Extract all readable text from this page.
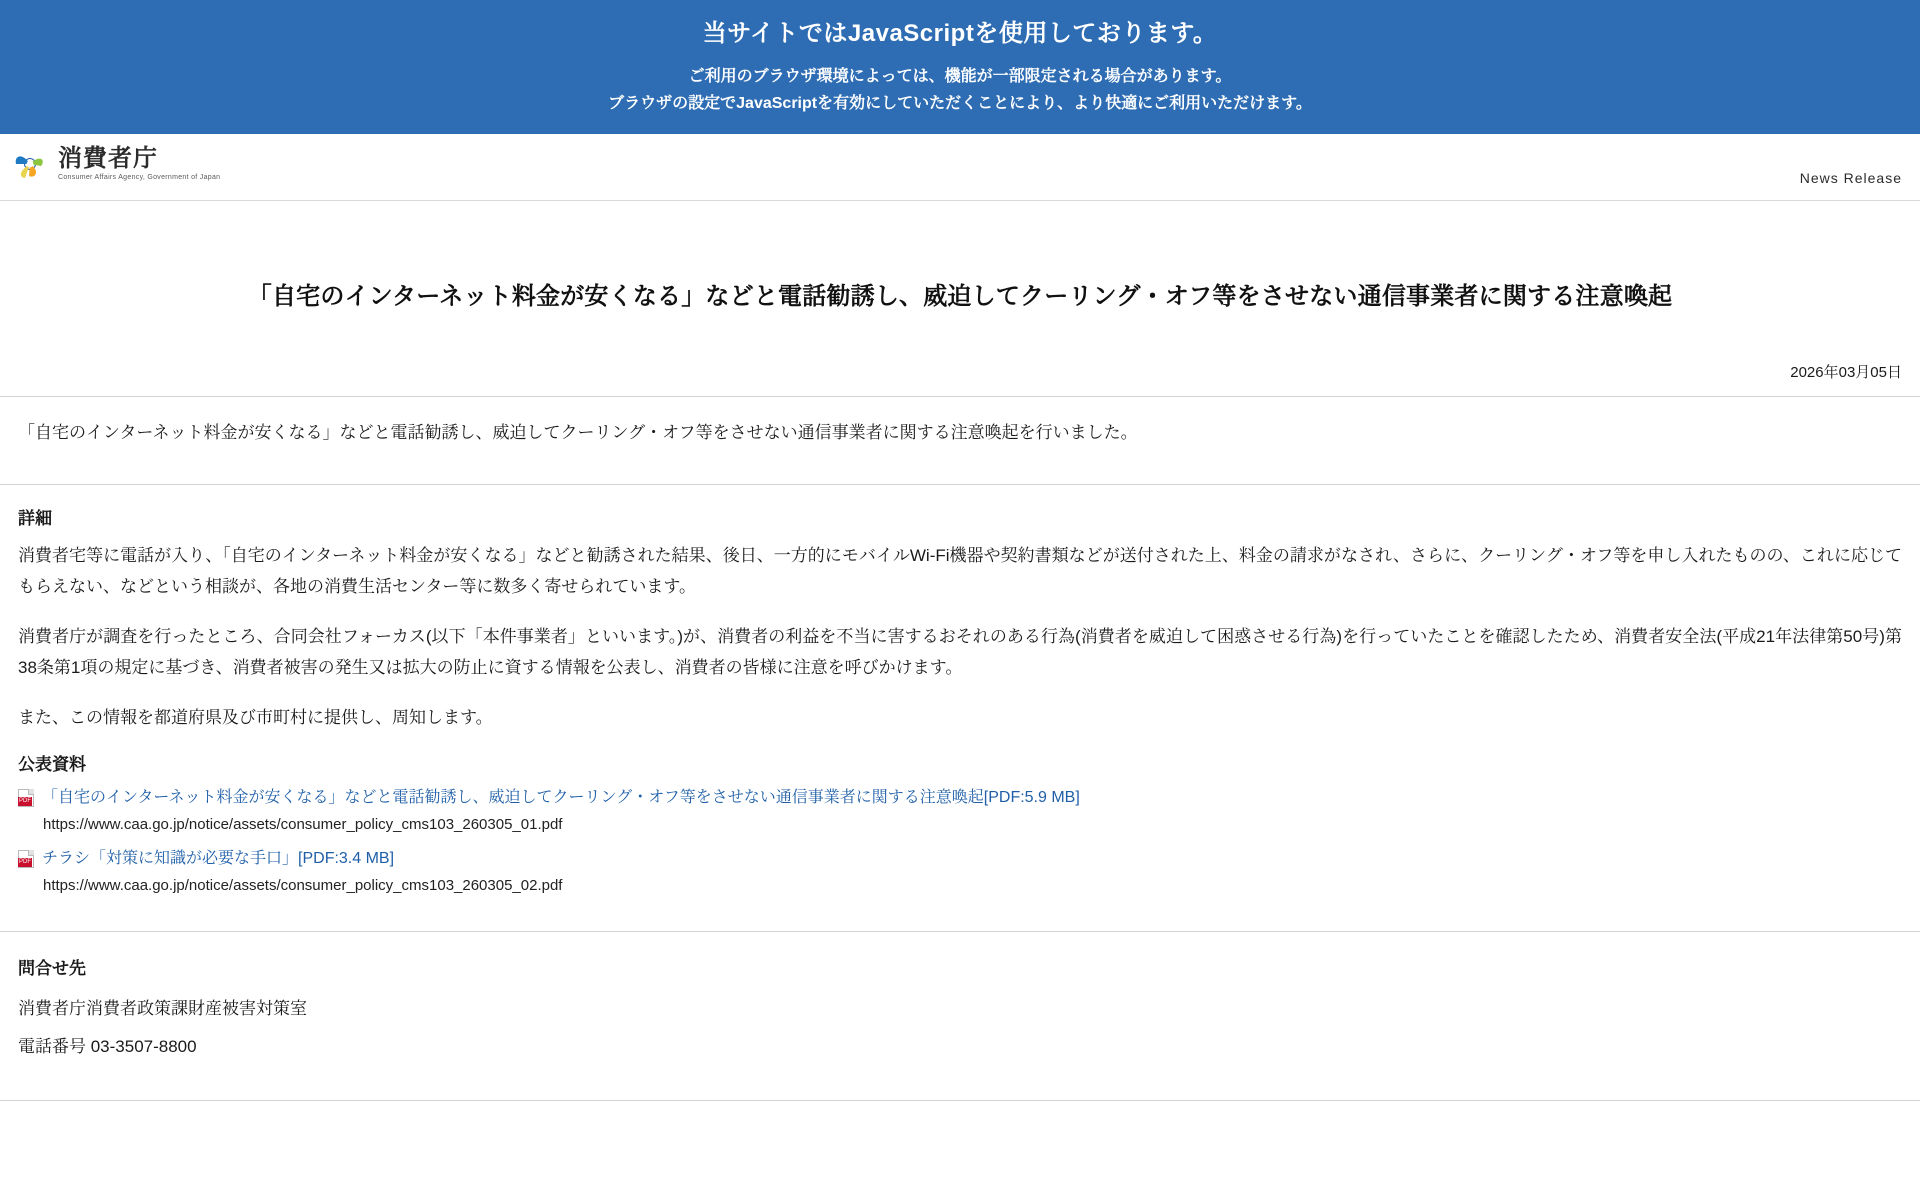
当サイトではJavaScriptを使用しております。
ご利用のブラウザ環境によっては、機能が一部限定される場合があります。
ブラウザの設定でJavaScriptを有効にしていただくことにより、より快適にご利用いただけます。
消費者庁
Consumer Affairs Agency, Government of Japan	News Release
「自宅のインターネット料金が安くなる」などと電話勧誘し、威迫してクーリング・オフ等をさせない通信事業者に関する注意喚起
2026年03月05日
「自宅のインターネット料金が安くなる」などと電話勧誘し、威迫してクーリング・オフ等をさせない通信事業者に関する注意喚起を行いました。
詳細

消費者宅等に電話が入り、「自宅のインターネット料金が安くなる」などと勧誘された結果、後日、一方的にモバイルWi-Fi機器や契約書類などが送付された上、料金の請求がなされ、さらに、クーリング・オフ等を申し入れたものの、これに応じてもらえない、などという相談が、各地の消費生活センター等に数多く寄せられています。

消費者庁が調査を行ったところ、合同会社フォーカス(以下「本件事業者」といいます。)が、消費者の利益を不当に害するおそれのある行為(消費者を威迫して困惑させる行為)を行っていたことを確認したため、消費者安全法(平成21年法律第50号)第38条第1項の規定に基づき、消費者被害の発生又は拡大の防止に資する情報を公表し、消費者の皆様に注意を呼びかけます。

また、この情報を都道府県及び市町村に提供し、周知します。

公表資料
PDF 「自宅のインターネット料金が安くなる」などと電話勧誘し、威迫してクーリング・オフ等をさせない通信事業者に関する注意喚起[PDF:5.9 MB]
https://www.caa.go.jp/notice/assets/consumer_policy_cms103_260305_01.pdf
PDF チラシ「対策に知識が必要な手口」[PDF:3.4 MB]
https://www.caa.go.jp/notice/assets/consumer_policy_cms103_260305_02.pdf
問合せ先

消費者庁消費者政策課財産被害対策室

電話番号 03-3507-8800
